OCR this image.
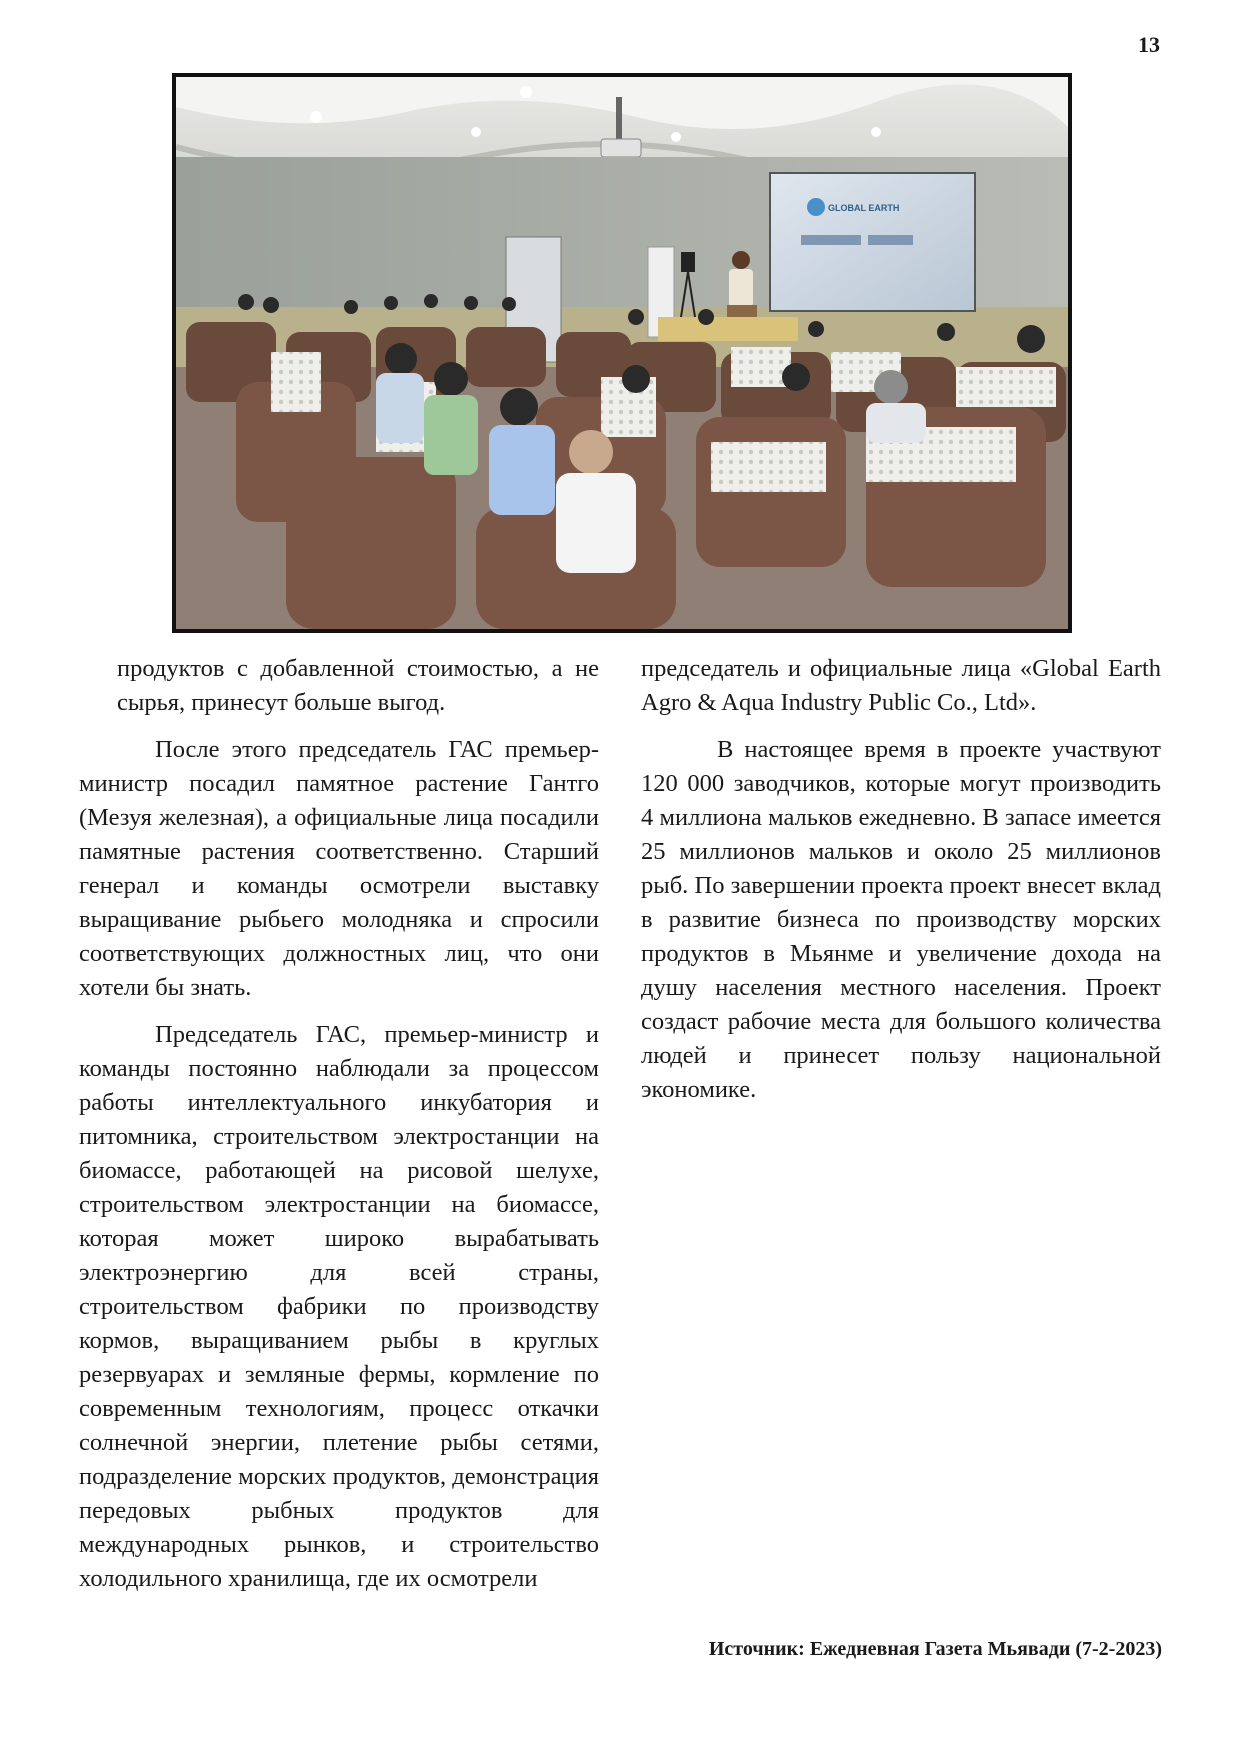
13
GLOBAL EARTH

продуктов с добавленной стоимостью, а не сырья, принесут больше выгод.

После этого председатель ГАС премьер-министр посадил памятное растение Гантго (Мезуя железная), а официальные лица посадили памятные растения соответственно. Старший генерал и команды осмотрели выставку выращивание рыбьего молодняка и спросили соответствующих должностных лиц, что они хотели бы знать.

Председатель ГАС, премьер-министр и команды постоянно наблюдали за процессом работы интеллектуального инкубатория и питомника, строительством электростанции на биомассе, работающей на рисовой шелухе, строительством электростанции на биомассе, которая может широко вырабатывать электроэнергию для всей страны, строительством фабрики по производству кормов, выращиванием рыбы в круглых резервуарах и земляные фермы, кормление по современным технологиям, процесс откачки солнечной энергии, плетение рыбы сетями, подразделение морских продуктов, демонстрация передовых рыбных продуктов для международных рынков, и строительство холодильного хранилища, где их осмотрели

председатель и официальные лица «Global Earth Agro & Aqua Industry Public Co., Ltd».

В настоящее время в проекте участвуют 120 000 заводчиков, которые могут производить 4 миллиона мальков ежедневно. В запасе имеется 25 миллионов мальков и около 25 миллионов рыб. По завершении проекта проект внесет вклад в развитие бизнеса по производству морских продуктов в Мьянме и увеличение дохода на душу населения местного населения. Проект создаст рабочие места для большого количества людей и принесет пользу национальной экономике.

Источник: Ежедневная Газета Мьявади (7-2-2023)
